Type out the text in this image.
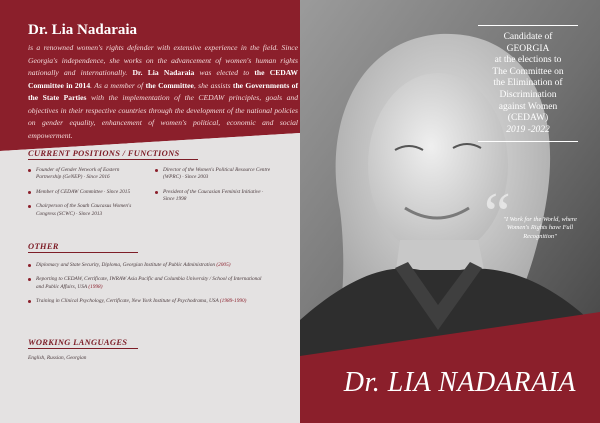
Dr. Lia Nadaraia
is a renowned women's rights defender with extensive experience in the field. Since Georgia's independence, she works on the advancement of women's human rights nationally and internationally. Dr. Lia Nadaraia was elected to the CEDAW Committee in 2014. As a member of the Committee, she assists the Governments of the State Parties with the implementation of the CEDAW principles, goals and objectives in their respective countries through the development of the national policies on gender equality, enhancement of women's political, economic and social empowerment.
CURRENT POSITIONS / FUNCTIONS
Founder of Gender Network of Eastern Partnership (GeNEP) · Since 2016
Member of CEDAW Committee · Since 2015
Chairperson of the South Caucasus Women's Congress (SCWC) · Since 2013
Director of the Women's Political Resource Centre (WPRC) · Since 2003
President of the Caucasian Feminist Initiative · Since 1998
OTHER
Diplomacy and State Security, Diploma, Georgian Institute of Public Administration (2005)
Reporting to CEDAW, Certificate, IWRAW Asia Pacific and Columbia University / School of International and Public Affairs, USA (1998)
Training in Clinical Psychology, Certificate, New York Institute of Psychodrama, USA (1989-1990)
WORKING LANGUAGES
English, Russian, Georgian
Candidate of
GEORGIA
at the elections to
The Committee on
the Elimination of
Discrimination
against Women
(CEDAW)
2019 -2022
“
"I Work for the World, where Women's Rights have Full Recognition"
Dr. LIA NADARAIA
